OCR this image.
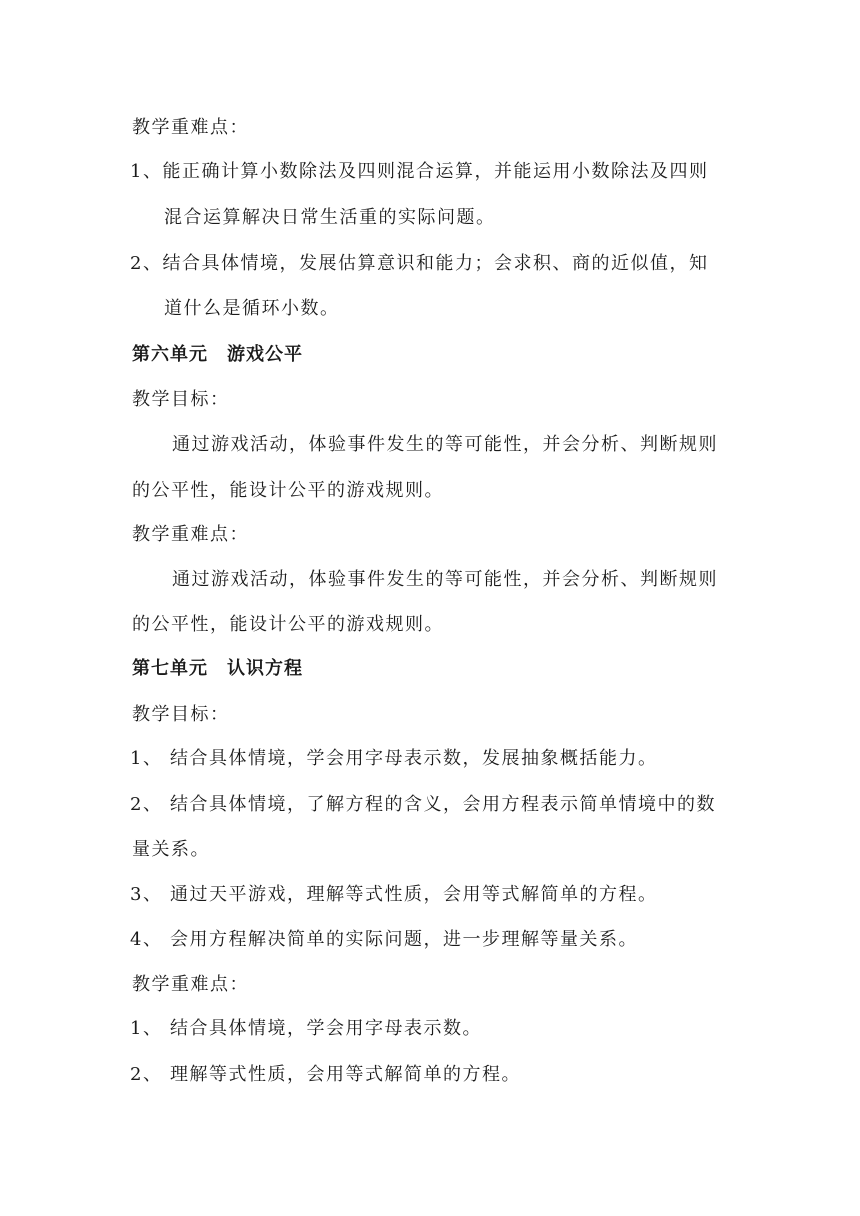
教学重难点：
1、能正确计算小数除法及四则混合运算，并能运用小数除法及四则
混合运算解决日常生活重的实际问题。
2、结合具体情境，发展估算意识和能力；会求积、商的近似值，知
道什么是循环小数。
第六单元　游戏公平
教学目标：
通过游戏活动，体验事件发生的等可能性，并会分析、判断规则
的公平性，能设计公平的游戏规则。
教学重难点：
通过游戏活动，体验事件发生的等可能性，并会分析、判断规则
的公平性，能设计公平的游戏规则。
第七单元　认识方程
教学目标：
1、 结合具体情境，学会用字母表示数，发展抽象概括能力。
2、 结合具体情境，了解方程的含义，会用方程表示简单情境中的数
量关系。
3、 通过天平游戏，理解等式性质，会用等式解简单的方程。
4、 会用方程解决简单的实际问题，进一步理解等量关系。
教学重难点：
1、 结合具体情境，学会用字母表示数。
2、 理解等式性质，会用等式解简单的方程。
